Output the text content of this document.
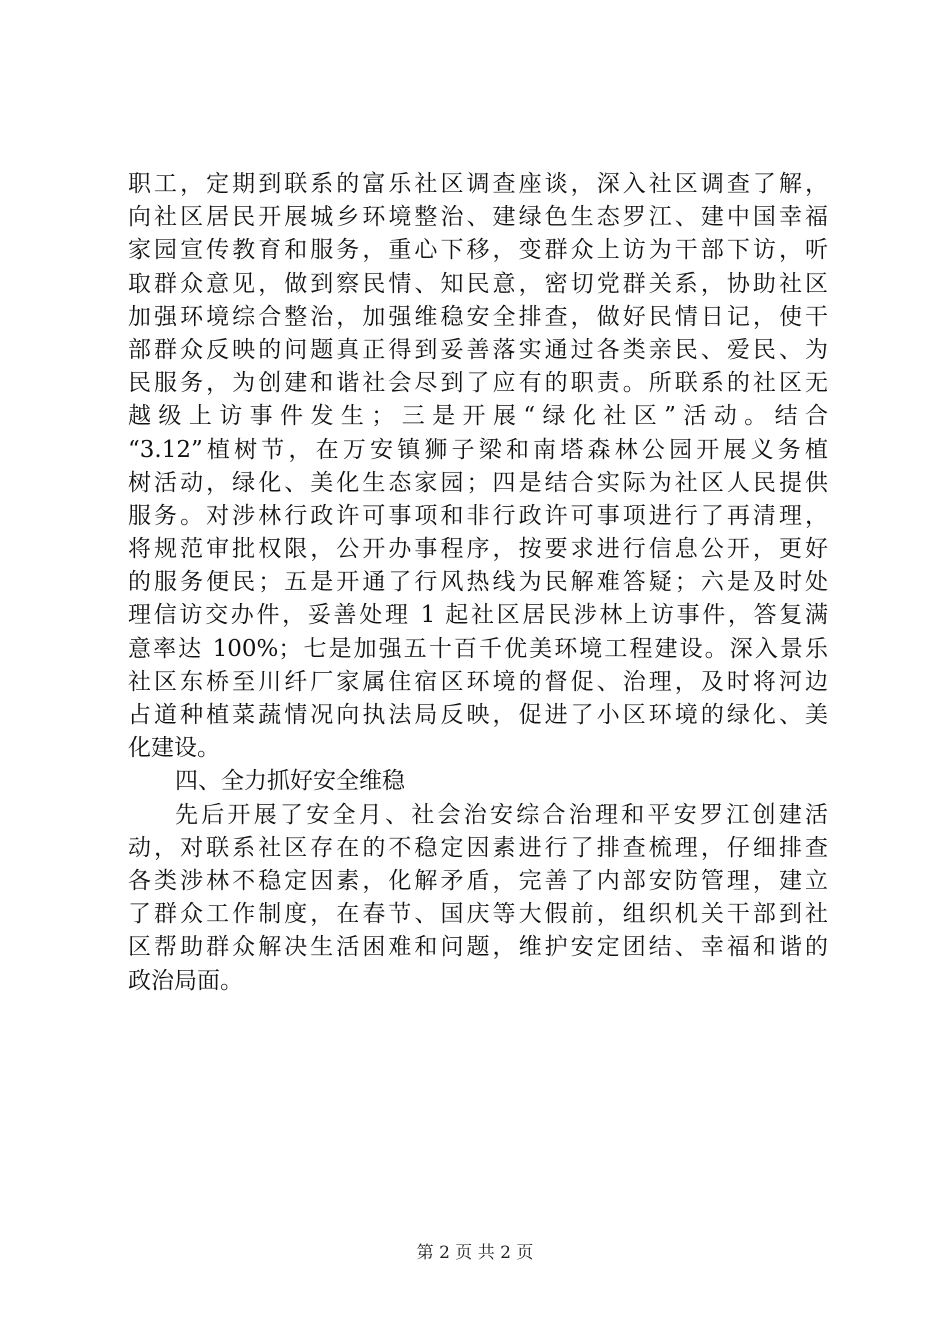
职工，定期到联系的富乐社区调查座谈，深入社区调查了解，
向社区居民开展城乡环境整治、建绿色生态罗江、建中国幸福
家园宣传教育和服务，重心下移，变群众上访为干部下访，听
取群众意见，做到察民情、知民意，密切党群关系，协助社区
加强环境综合整治，加强维稳安全排查，做好民情日记，使干
部群众反映的问题真正得到妥善落实通过各类亲民、爱民、为
民服务，为创建和谐社会尽到了应有的职责。所联系的社区无
越级上访事件发生；三是开展“绿化社区”活动。结合
“3.12”植树节，在万安镇狮子梁和南塔森林公园开展义务植
树活动，绿化、美化生态家园；四是结合实际为社区人民提供
服务。对涉林行政许可事项和非行政许可事项进行了再清理，
将规范审批权限，公开办事程序，按要求进行信息公开，更好
的服务便民；五是开通了行风热线为民解难答疑；六是及时处
理信访交办件，妥善处理 1 起社区居民涉林上访事件，答复满
意率达 100%；七是加强五十百千优美环境工程建设。深入景乐
社区东桥至川纤厂家属住宿区环境的督促、治理，及时将河边
占道种植菜蔬情况向执法局反映，促进了小区环境的绿化、美
化建设。
四、全力抓好安全维稳
先后开展了安全月、社会治安综合治理和平安罗江创建活
动，对联系社区存在的不稳定因素进行了排查梳理，仔细排查
各类涉林不稳定因素，化解矛盾，完善了内部安防管理，建立
了群众工作制度，在春节、国庆等大假前，组织机关干部到社
区帮助群众解决生活困难和问题，维护安定团结、幸福和谐的
政治局面。
第 2 页 共 2 页
